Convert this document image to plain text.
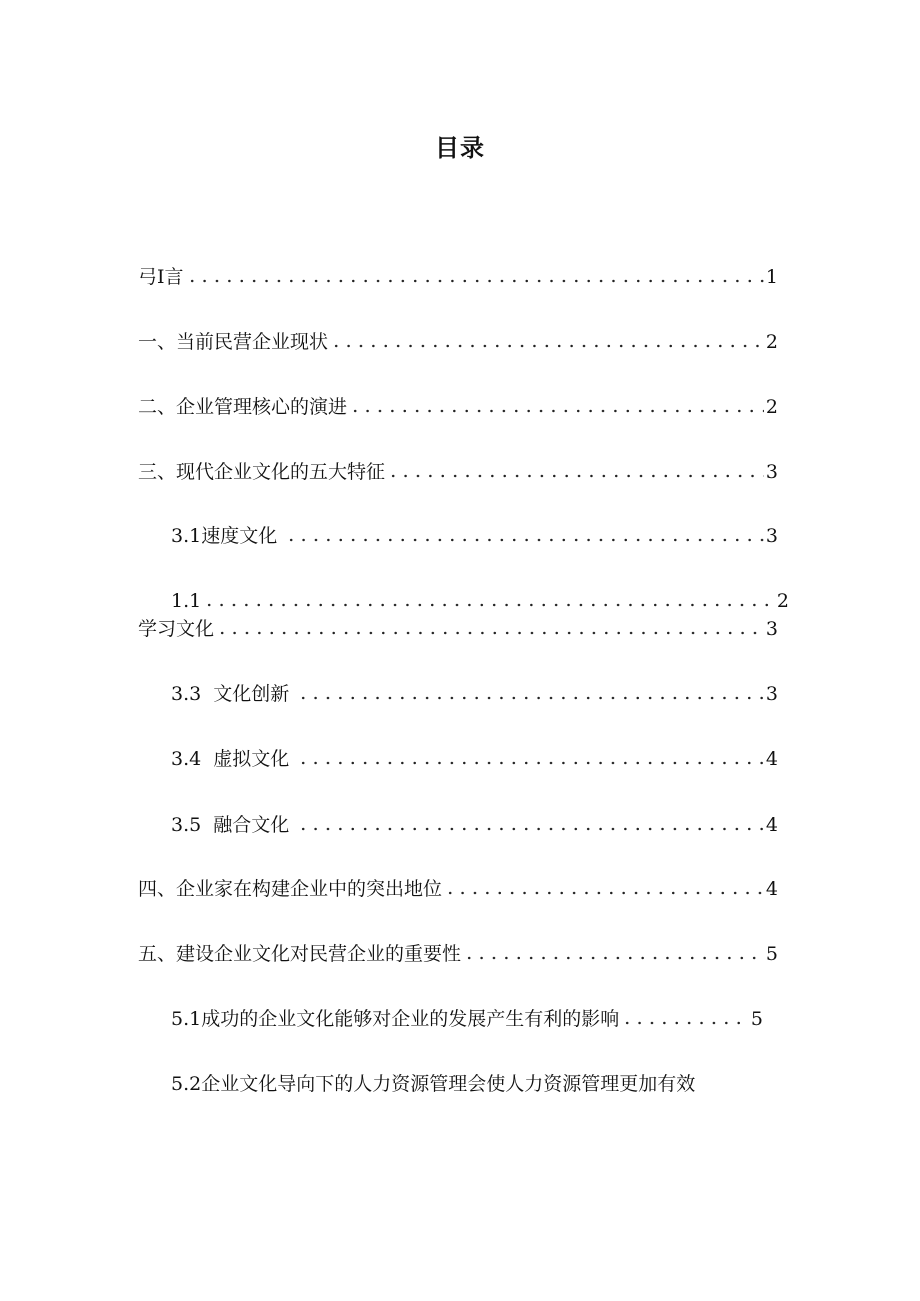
目录
弓I言	1
一、当前民营企业现状	2
二、企业管理核心的演进	2
三、现代企业文化的五大特征	3
3.1速度文化	3
1.1	2
学习文化	3
3.3  文化创新	3
3.4  虚拟文化	4
3.5  融合文化	4
四、企业家在构建企业中的突出地位	4
五、建设企业文化对民营企业的重要性	5
5.1成功的企业文化能够对企业的发展产生有利的影响	5
5.2企业文化导向下的人力资源管理会使人力资源管理更加有效
